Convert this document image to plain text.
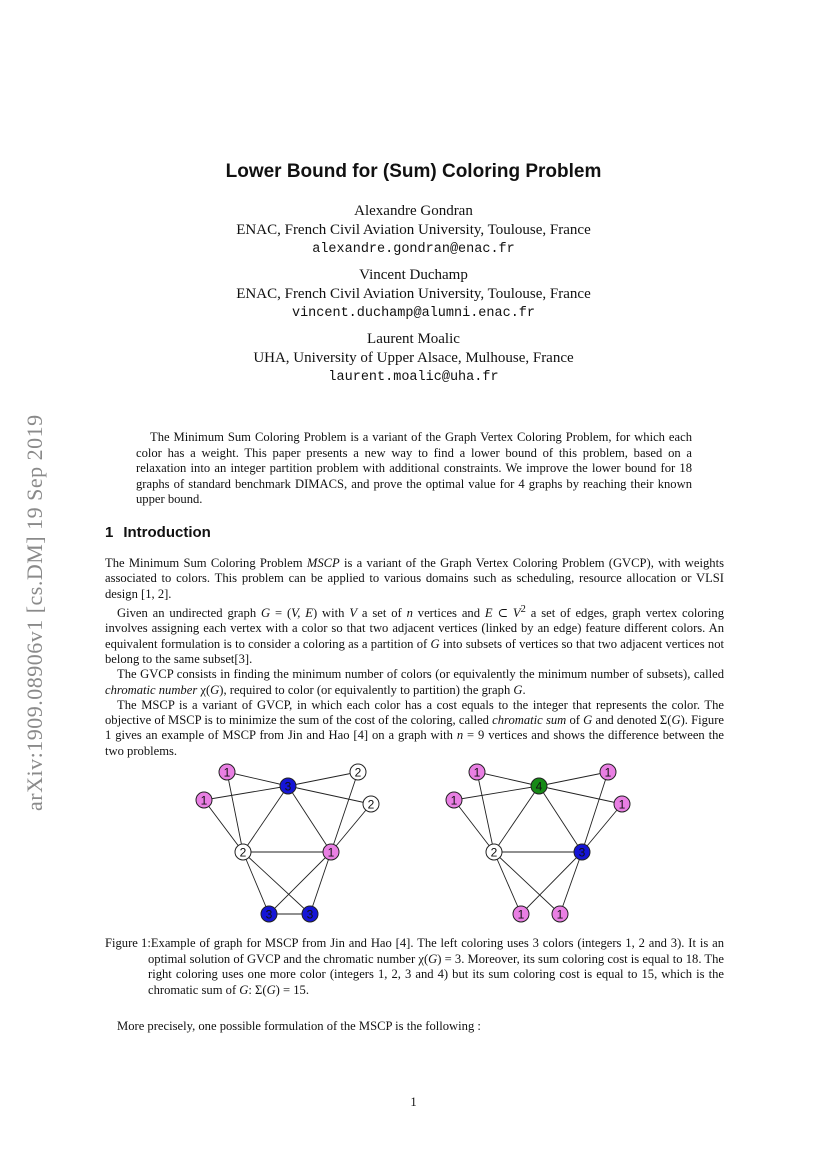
arXiv:1909.08906v1 [cs.DM] 19 Sep 2019
Lower Bound for (Sum) Coloring Problem
Alexandre Gondran
ENAC, French Civil Aviation University, Toulouse, France
alexandre.gondran@enac.fr
Vincent Duchamp
ENAC, French Civil Aviation University, Toulouse, France
vincent.duchamp@alumni.enac.fr
Laurent Moalic
UHA, University of Upper Alsace, Mulhouse, France
laurent.moalic@uha.fr
The Minimum Sum Coloring Problem is a variant of the Graph Vertex Coloring Problem, for which each color has a weight. This paper presents a new way to find a lower bound of this problem, based on a relaxation into an integer partition problem with additional constraints. We improve the lower bound for 18 graphs of standard benchmark DIMACS, and prove the optimal value for 4 graphs by reaching their known upper bound.
1 Introduction

The Minimum Sum Coloring Problem MSCP is a variant of the Graph Vertex Coloring Problem (GVCP), with weights associated to colors. This problem can be applied to various domains such as scheduling, resource allocation or VLSI design [1, 2].

Given an undirected graph G = (V, E) with V a set of n vertices and E ⊂ $V^2$ a set of edges, graph vertex coloring involves assigning each vertex with a color so that two adjacent vertices (linked by an edge) feature different colors. An equivalent formulation is to consider a coloring as a partition of G into subsets of vertices so that two adjacent vertices not belong to the same subset[3].

The GVCP consists in finding the minimum number of colors (or equivalently the minimum number of subsets), called chromatic number χ(G), required to color (or equivalently to partition) the graph G.

The MSCP is a variant of GVCP, in which each color has a cost equals to the integer that represents the color. The objective of MSCP is to minimize the sum of the cost of the coloring, called chromatic sum of G and denoted Σ(G). Figure 1 gives an example of MSCP from Jin and Hao [4] on a graph with n = 9 vertices and shows the difference between the two problems.

1
1
3
2
2
2	1
3	3
1
1
4
1
1
2	3
1	1
Figure 1: Example of graph for MSCP from Jin and Hao [4]. The left coloring uses 3 colors (integers 1, 2 and 3). It is an optimal solution of GVCP and the chromatic number χ(G) = 3. Moreover, its sum coloring cost is equal to 18. The right coloring uses one more color (integers 1, 2, 3 and 4) but its sum coloring cost is equal to 15, which is the chromatic sum of G: Σ(G) = 15.
More precisely, one possible formulation of the MSCP is the following :
1
